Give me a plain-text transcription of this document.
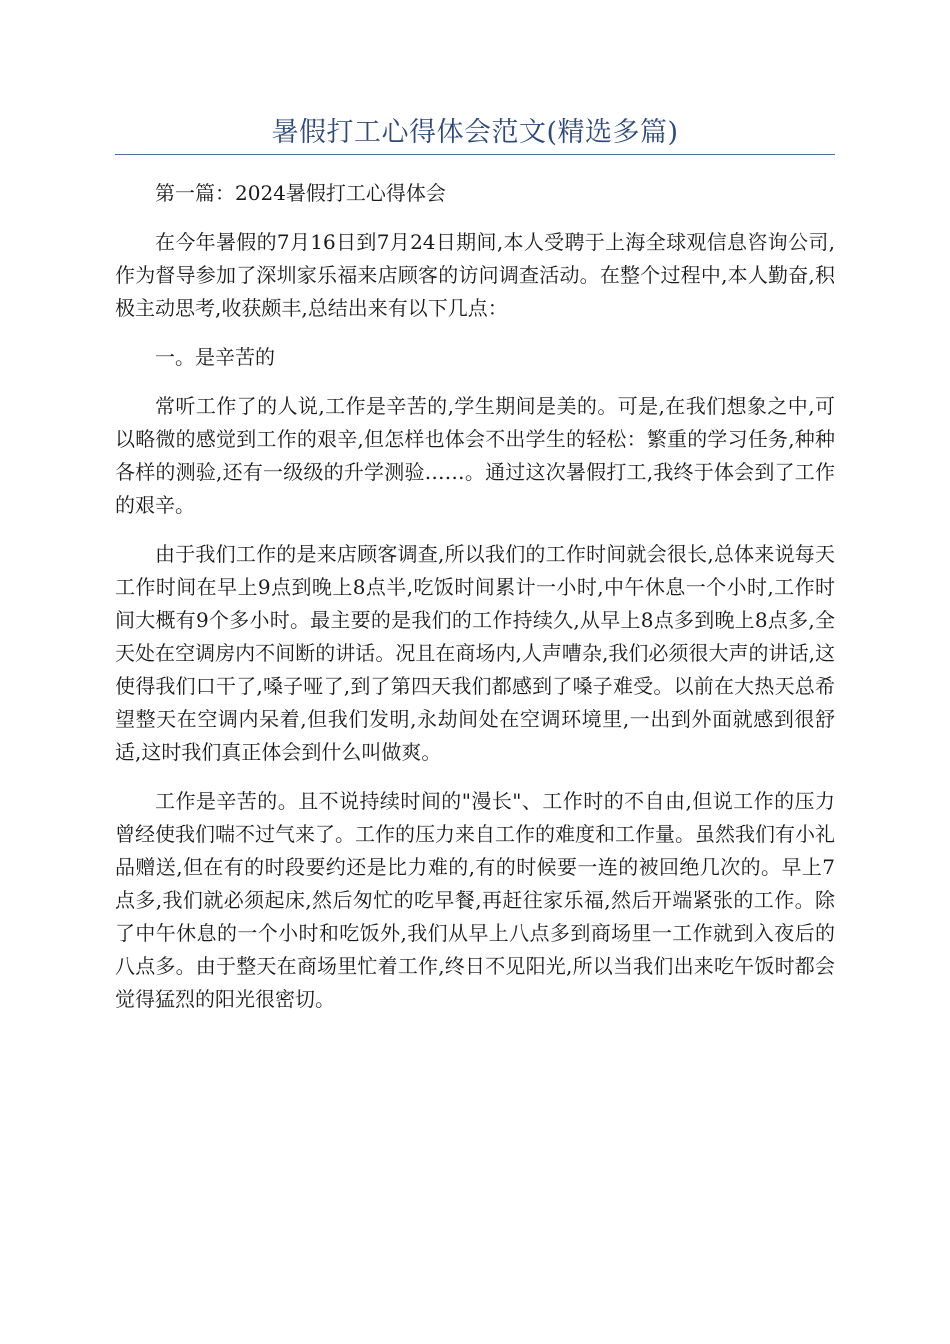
暑假打工心得体会范文(精选多篇)

第一篇：2024暑假打工心得体会

在今年暑假的7月16日到7月24日期间,本人受聘于上海全球观信息咨询公司,作为督导参加了深圳家乐福来店顾客的访问调查活动。在整个过程中,本人勤奋,积极主动思考,收获颇丰,总结出来有以下几点：

一。是辛苦的

常听工作了的人说,工作是辛苦的,学生期间是美的。可是,在我们想象之中,可以略微的感觉到工作的艰辛,但怎样也体会不出学生的轻松：繁重的学习任务,种种各样的测验,还有一级级的升学测验……。通过这次暑假打工,我终于体会到了工作的艰辛。

由于我们工作的是来店顾客调查,所以我们的工作时间就会很长,总体来说每天工作时间在早上9点到晚上8点半,吃饭时间累计一小时,中午休息一个小时,工作时间大概有9个多小时。最主要的是我们的工作持续久,从早上8点多到晚上8点多,全天处在空调房内不间断的讲话。况且在商场内,人声嘈杂,我们必须很大声的讲话,这使得我们口干了,嗓子哑了,到了第四天我们都感到了嗓子难受。以前在大热天总希望整天在空调内呆着,但我们发明,永劫间处在空调环境里,一出到外面就感到很舒适,这时我们真正体会到什么叫做爽。

工作是辛苦的。且不说持续时间的"漫长"、工作时的不自由,但说工作的压力曾经使我们喘不过气来了。工作的压力来自工作的难度和工作量。虽然我们有小礼品赠送,但在有的时段要约还是比力难的,有的时候要一连的被回绝几次的。早上7点多,我们就必须起床,然后匆忙的吃早餐,再赶往家乐福,然后开端紧张的工作。除了中午休息的一个小时和吃饭外,我们从早上八点多到商场里一工作就到入夜后的八点多。由于整天在商场里忙着工作,终日不见阳光,所以当我们出来吃午饭时都会觉得猛烈的阳光很密切。
